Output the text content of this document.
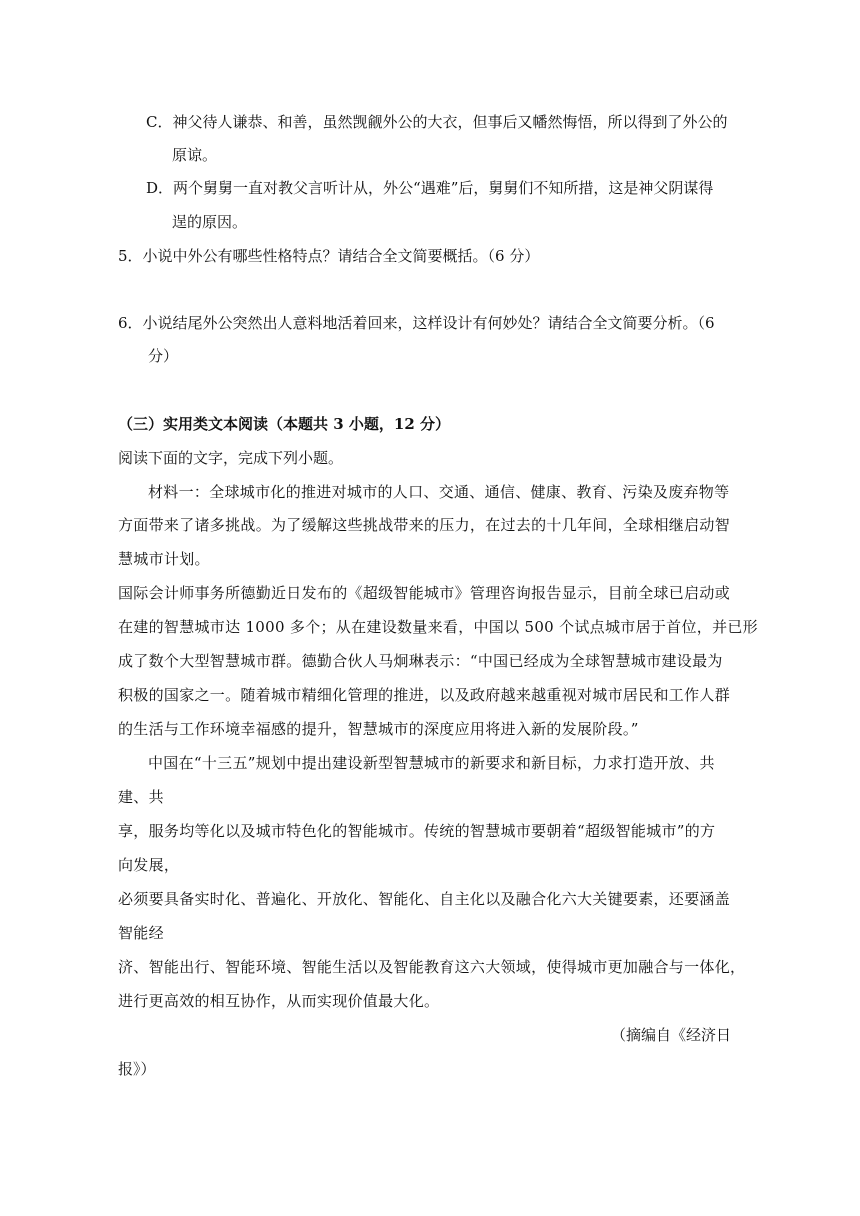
C．神父待人谦恭、和善，虽然觊觎外公的大衣，但事后又幡然悔悟，所以得到了外公的
原谅。
D．两个舅舅一直对教父言听计从，外公“遇难”后，舅舅们不知所措，这是神父阴谋得
逞的原因。
5．小说中外公有哪些性格特点？请结合全文简要概括。（6 分）
6．小说结尾外公突然出人意料地活着回来，这样设计有何妙处？请结合全文简要分析。（6
分）
（三）实用类文本阅读（本题共 3 小题，12 分）
阅读下面的文字，完成下列小题。
材料一：全球城市化的推进对城市的人口、交通、通信、健康、教育、污染及废弃物等
方面带来了诸多挑战。为了缓解这些挑战带来的压力，在过去的十几年间，全球相继启动智
慧城市计划。
国际会计师事务所德勤近日发布的《超级智能城市》管理咨询报告显示，目前全球已启动或
在建的智慧城市达 1000 多个；从在建设数量来看，中国以 500 个试点城市居于首位，并已形
成了数个大型智慧城市群。德勤合伙人马炯琳表示：“中国已经成为全球智慧城市建设最为
积极的国家之一。随着城市精细化管理的推进，以及政府越来越重视对城市居民和工作人群
的生活与工作环境幸福感的提升，智慧城市的深度应用将进入新的发展阶段。”
中国在“十三五”规划中提出建设新型智慧城市的新要求和新目标，力求打造开放、共
建、共
享，服务均等化以及城市特色化的智能城市。传统的智慧城市要朝着“超级智能城市”的方
向发展，
必须要具备实时化、普遍化、开放化、智能化、自主化以及融合化六大关键要素，还要涵盖
智能经
济、智能出行、智能环境、智能生活以及智能教育这六大领域，使得城市更加融合与一体化，
进行更高效的相互协作，从而实现价值最大化。
（摘编自《经济日
报》）
